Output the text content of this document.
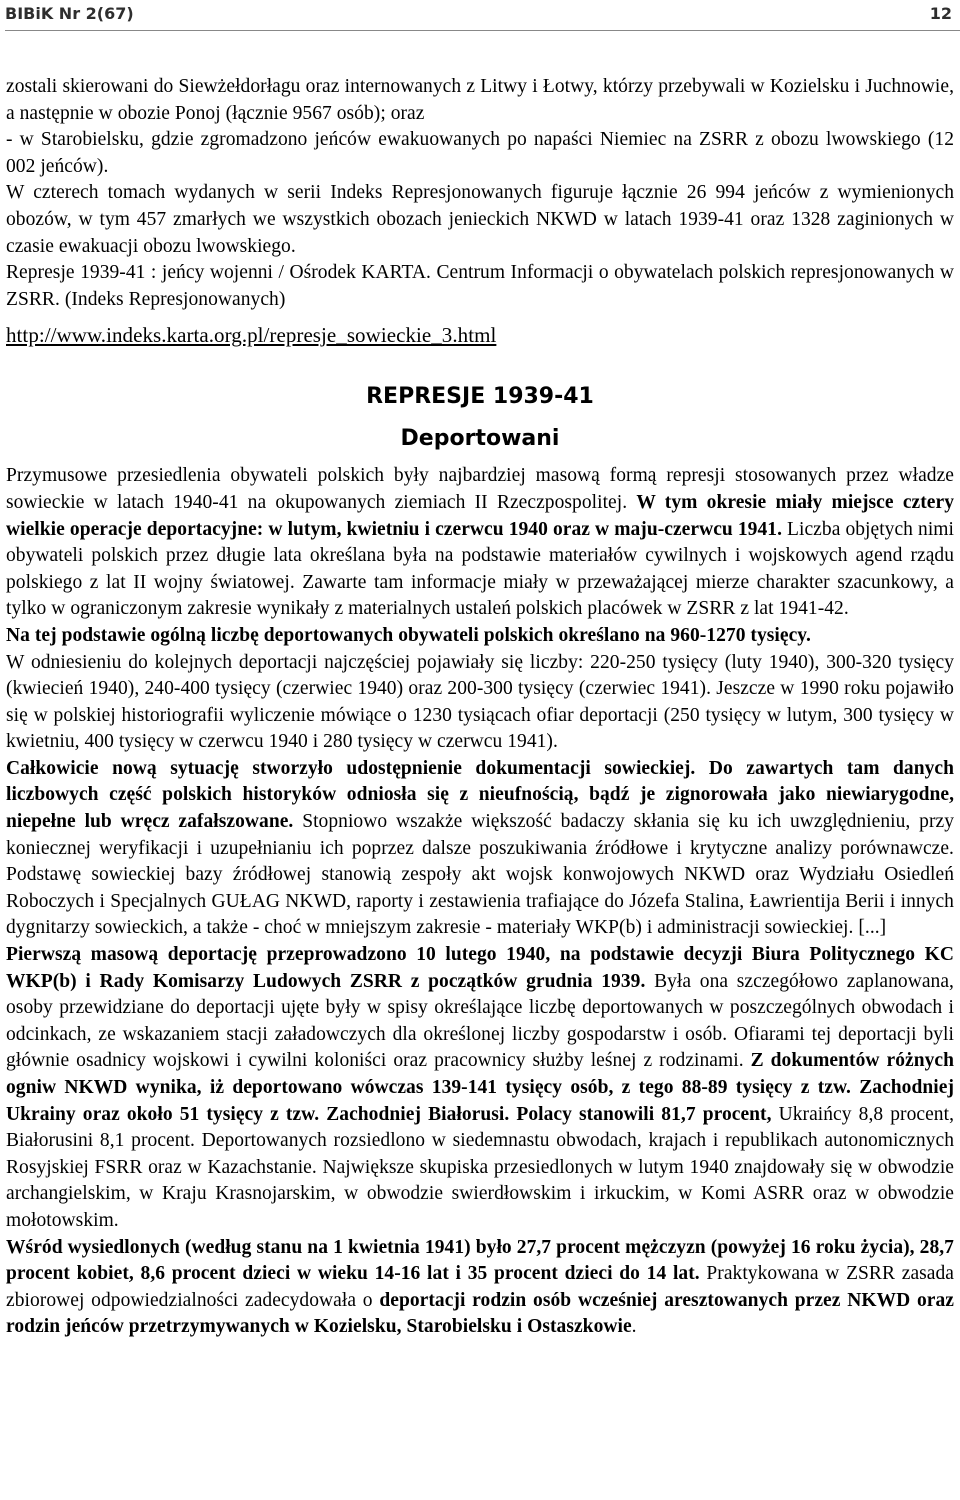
BIBiK Nr 2(67)	12

zostali skierowani do Siewżełdorłagu oraz internowanych z Litwy i Łotwy, którzy przebywali w Kozielsku i Juchnowie, a następnie w obozie Ponoj (łącznie 9567 osób); oraz

- w Starobielsku, gdzie zgromadzono jeńców ewakuowanych po napaści Niemiec na ZSRR z obozu lwowskiego (12 002 jeńców).

W czterech tomach wydanych w serii Indeks Represjonowanych figuruje łącznie 26 994 jeńców z wymienionych obozów, w tym 457 zmarłych we wszystkich obozach jenieckich NKWD w latach 1939-41 oraz 1328 zaginionych w czasie ewakuacji obozu lwowskiego.

Represje 1939-41 : jeńcy wojenni / Ośrodek KARTA. Centrum Informacji o obywatelach polskich represjonowanych w ZSRR. (Indeks Represjonowanych)

http://www.indeks.karta.org.pl/represje_sowieckie_3.html

REPRESJE 1939-41

Deportowani

Przymusowe przesiedlenia obywateli polskich były najbardziej masową formą represji stosowanych przez władze sowieckie w latach 1940-41 na okupowanych ziemiach II Rzeczpospolitej. W tym okresie miały miejsce cztery wielkie operacje deportacyjne: w lutym, kwietniu i czerwcu 1940 oraz w maju-czerwcu 1941. Liczba objętych nimi obywateli polskich przez długie lata określana była na podstawie materiałów cywilnych i wojskowych agend rządu polskiego z lat II wojny światowej. Zawarte tam informacje miały w przeważającej mierze charakter szacunkowy, a tylko w ograniczonym zakresie wynikały z materialnych ustaleń polskich placówek w ZSRR z lat 1941-42.

Na tej podstawie ogólną liczbę deportowanych obywateli polskich określano na 960-1270 tysięcy.

W odniesieniu do kolejnych deportacji najczęściej pojawiały się liczby: 220-250 tysięcy (luty 1940), 300-320 tysięcy (kwiecień 1940), 240-400 tysięcy (czerwiec 1940) oraz 200-300 tysięcy (czerwiec 1941). Jeszcze w 1990 roku pojawiło się w polskiej historiografii wyliczenie mówiące o 1230 tysiącach ofiar deportacji (250 tysięcy w lutym, 300 tysięcy w kwietniu, 400 tysięcy w czerwcu 1940 i 280 tysięcy w czerwcu 1941).

Całkowicie nową sytuację stworzyło udostępnienie dokumentacji sowieckiej. Do zawartych tam danych liczbowych część polskich historyków odniosła się z nieufnością, bądź je zignorowała jako niewiarygodne, niepełne lub wręcz zafałszowane. Stopniowo wszakże większość badaczy skłania się ku ich uwzględnieniu, przy koniecznej weryfikacji i uzupełnianiu ich poprzez dalsze poszukiwania źródłowe i krytyczne analizy porównawcze. Podstawę sowieckiej bazy źródłowej stanowią zespoły akt wojsk konwojowych NKWD oraz Wydziału Osiedleń Roboczych i Specjalnych GUŁAG NKWD, raporty i zestawienia trafiające do Józefa Stalina, Ławrientija Berii i innych dygnitarzy sowieckich, a także - choć w mniejszym zakresie - materiały WKP(b) i administracji sowieckiej. [...]

Pierwszą masową deportację przeprowadzono 10 lutego 1940, na podstawie decyzji Biura Politycznego KC WKP(b) i Rady Komisarzy Ludowych ZSRR z początków grudnia 1939. Była ona szczegółowo zaplanowana, osoby przewidziane do deportacji ujęte były w spisy określające liczbę deportowanych w poszczególnych obwodach i odcinkach, ze wskazaniem stacji załadowczych dla określonej liczby gospodarstw i osób. Ofiarami tej deportacji byli głównie osadnicy wojskowi i cywilni koloniści oraz pracownicy służby leśnej z rodzinami. Z dokumentów różnych ogniw NKWD wynika, iż deportowano wówczas 139-141 tysięcy osób, z tego 88-89 tysięcy z tzw. Zachodniej Ukrainy oraz około 51 tysięcy z tzw. Zachodniej Białorusi. Polacy stanowili 81,7 procent, Ukraińcy 8,8 procent, Białorusini 8,1 procent. Deportowanych rozsiedlono w siedemnastu obwodach, krajach i republikach autonomicznych Rosyjskiej FSRR oraz w Kazachstanie. Największe skupiska przesiedlonych w lutym 1940 znajdowały się w obwodzie archangielskim, w Kraju Krasnojarskim, w obwodzie swierdłowskim i irkuckim, w Komi ASRR oraz w obwodzie mołotowskim.

Wśród wysiedlonych (według stanu na 1 kwietnia 1941) było 27,7 procent mężczyzn (powyżej 16 roku życia), 28,7 procent kobiet, 8,6 procent dzieci w wieku 14-16 lat i 35 procent dzieci do 14 lat. Praktykowana w ZSRR zasada zbiorowej odpowiedzialności zadecydowała o deportacji rodzin osób wcześniej aresztowanych przez NKWD oraz rodzin jeńców przetrzymywanych w Kozielsku, Starobielsku i Ostaszkowie.
